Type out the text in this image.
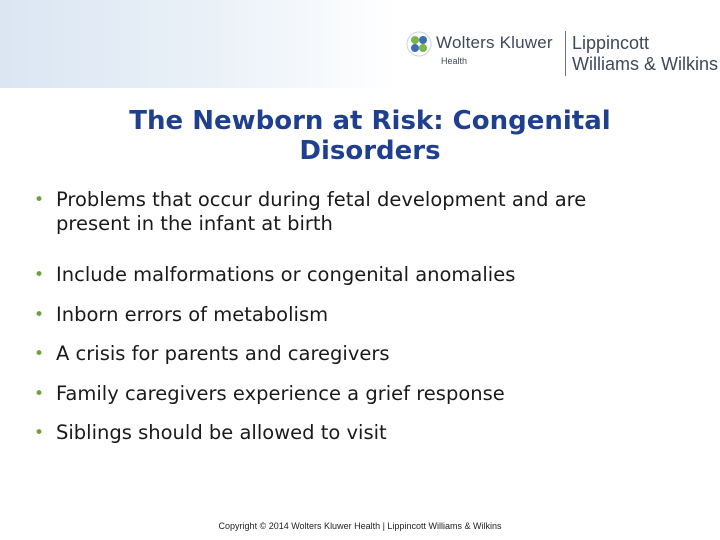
Wolters Kluwer
Health
Lippincott
Williams & Wilkins
The Newborn at Risk: Congenital
Disorders
• Problems that occur during fetal development and are
present in the infant at birth
• Include malformations or congenital anomalies
• Inborn errors of metabolism
• A crisis for parents and caregivers
• Family caregivers experience a grief response
• Siblings should be allowed to visit
Copyright © 2014 Wolters Kluwer Health | Lippincott Williams & Wilkins
